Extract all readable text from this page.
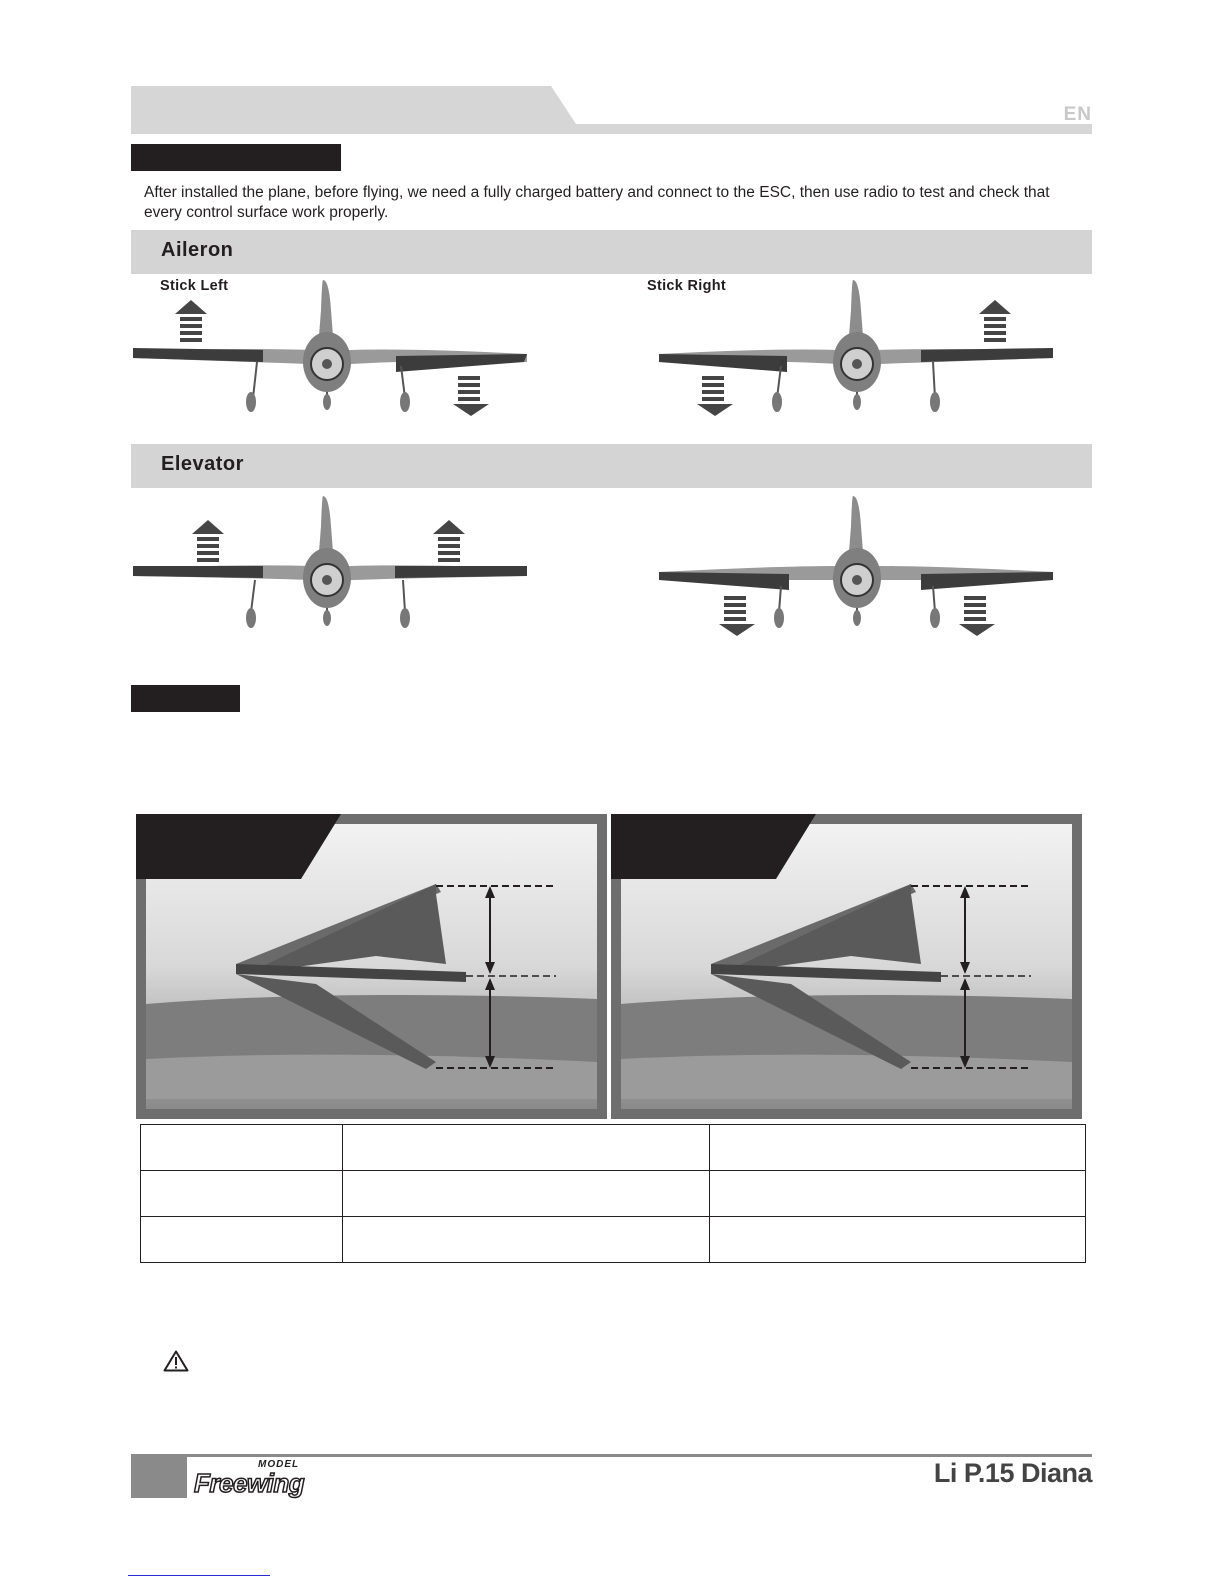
EN
After installed the plane, before flying, we need a fully charged battery and connect to the ESC, then use radio to test and check that every control surface work properly.
Aileron
Stick Left	Stick Right
Elevator

MODEL
Freewing	Li P.15 Diana
